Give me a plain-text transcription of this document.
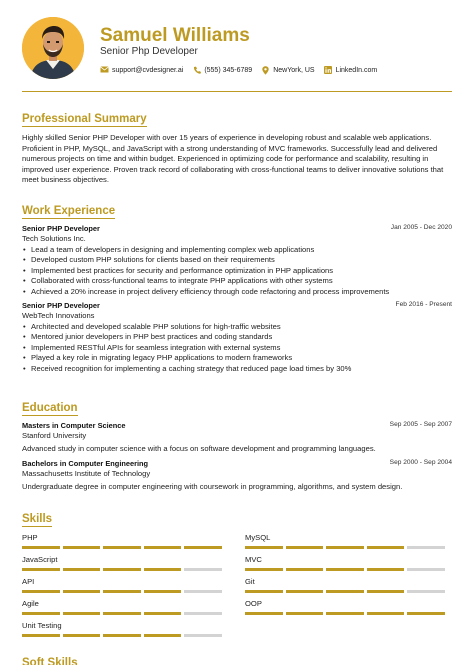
Samuel Williams
Senior Php Developer
support@cvdesigner.ai	(555) 345-6789	NewYork, US	LinkedIn.com
Professional Summary
Highly skilled Senior PHP Developer with over 15 years of experience in developing robust and scalable web applications. Proficient in PHP, MySQL, and JavaScript with a strong understanding of MVC frameworks. Successfully lead and delivered numerous projects on time and within budget. Experienced in optimizing code for performance and scalability, resulting in improved user experience. Proven track record of collaborating with cross-functional teams to deliver innovative solutions that meet business objectives.
Work Experience
Senior PHP Developer	Jan 2005 - Dec 2020
Tech Solutions Inc.
• Lead a team of developers in designing and implementing complex web applications
• Developed custom PHP solutions for clients based on their requirements
• Implemented best practices for security and performance optimization in PHP applications
• Collaborated with cross-functional teams to integrate PHP applications with other systems
• Achieved a 20% increase in project delivery efficiency through code refactoring and process improvements
Senior PHP Developer	Feb 2016 - Present
WebTech Innovations
• Architected and developed scalable PHP solutions for high-traffic websites
• Mentored junior developers in PHP best practices and coding standards
• Implemented RESTful APIs for seamless integration with external systems
• Played a key role in migrating legacy PHP applications to modern frameworks
• Received recognition for implementing a caching strategy that reduced page load times by 30%
Education
Masters in Computer Science	Sep 2005 - Sep 2007
Stanford University
Advanced study in computer science with a focus on software development and programming languages.
Bachelors in Computer Engineering	Sep 2000 - Sep 2004
Massachusetts Institute of Technology
Undergraduate degree in computer engineering with coursework in programming, algorithms, and system design.
Skills
PHP	MySQL
JavaScript	MVC
API	Git
Agile	OOP
Unit Testing
Soft Skills
